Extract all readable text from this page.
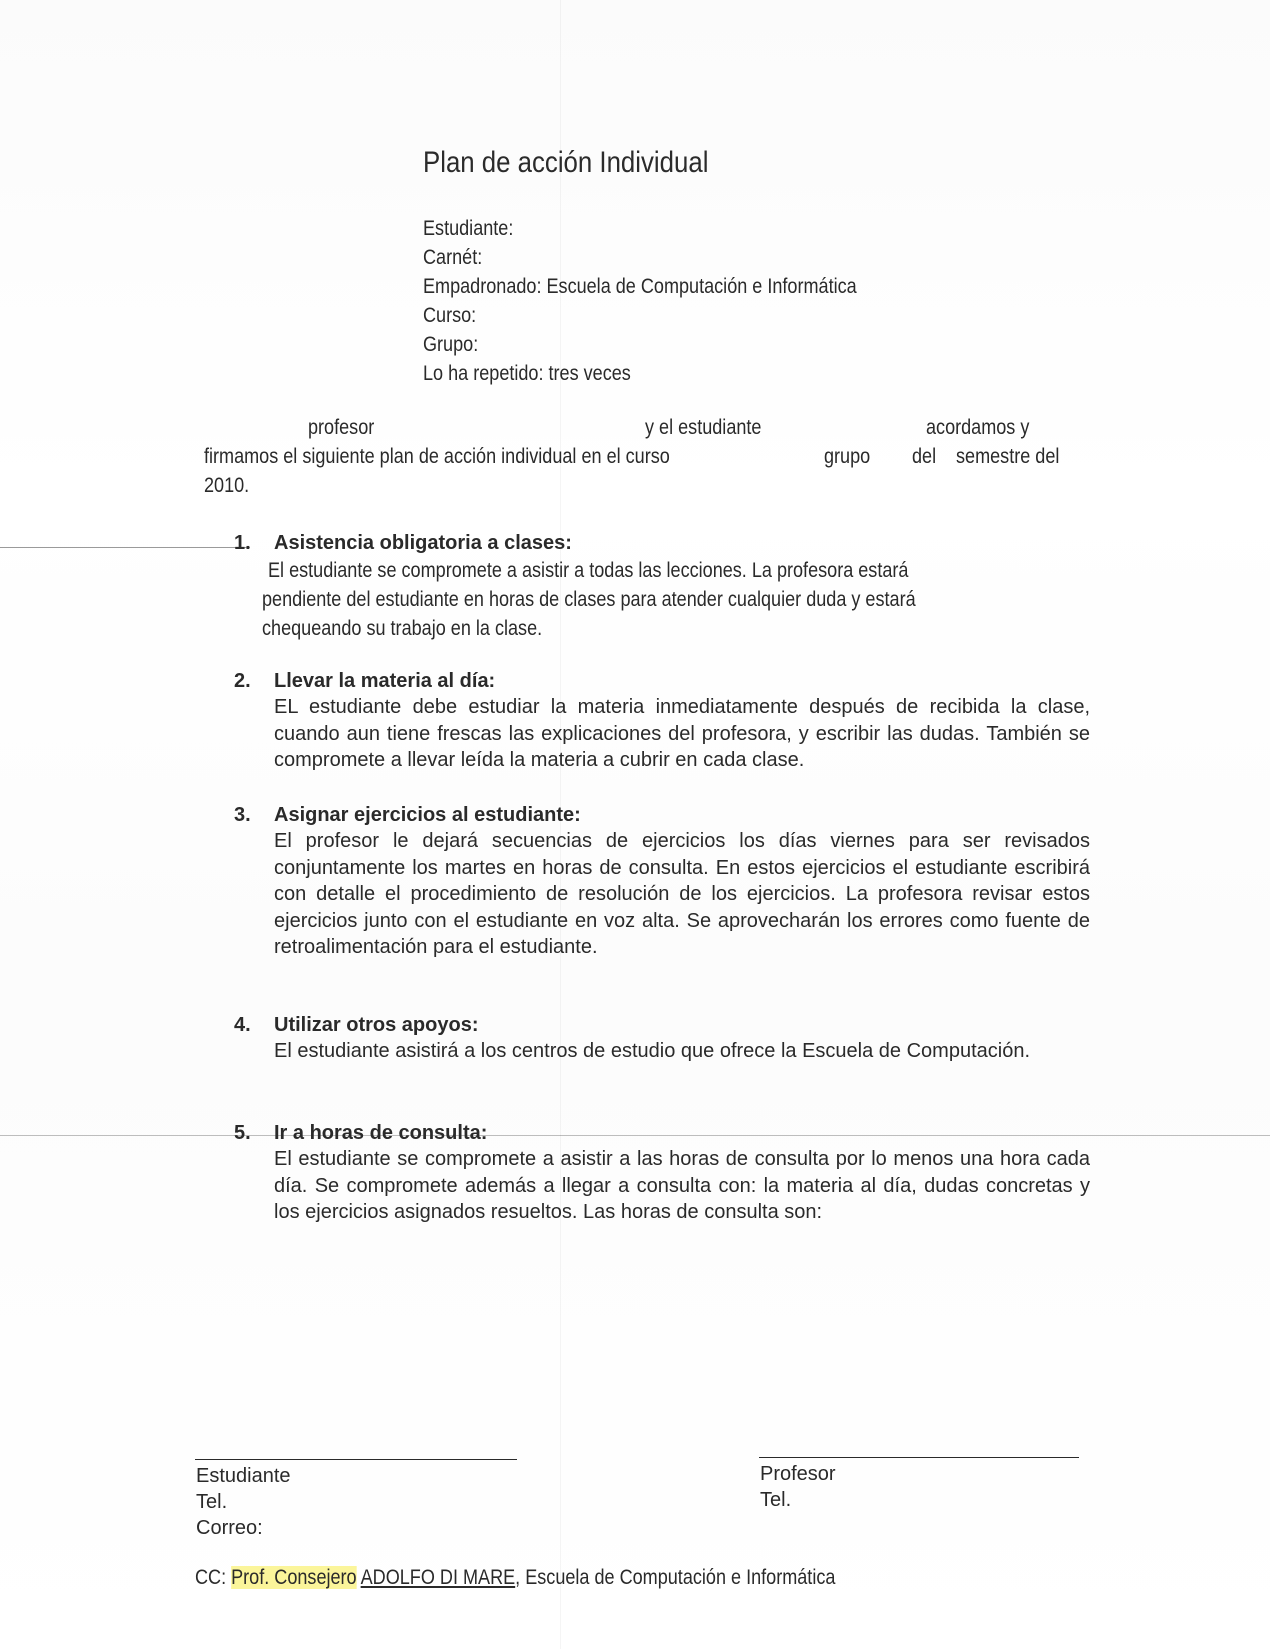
Plan de acción Individual
Estudiante:
Carnét:
Empadronado: Escuela de Computación e Informática
Curso:
Grupo:
Lo ha repetido: tres veces
profesor	y el estudiante	acordamos y
firmamos el siguiente plan de acción individual en el curso	grupo del semestre del
2010.
1. Asistencia obligatoria a clases:
El estudiante se compromete a asistir a todas las lecciones. La profesora estará
pendiente del estudiante en horas de clases para atender cualquier duda y estará
chequeando su trabajo en la clase.
2. Llevar la materia al día:
EL estudiante debe estudiar la materia inmediatamente después de recibida la clase, cuando aun tiene frescas las explicaciones del profesora, y escribir las dudas. También se compromete a llevar leída la materia a cubrir en cada clase.
3. Asignar ejercicios al estudiante:
El profesor le dejará secuencias de ejercicios los días viernes para ser revisados conjuntamente los martes en horas de consulta. En estos ejercicios el estudiante escribirá con detalle el procedimiento de resolución de los ejercicios. La profesora revisar estos ejercicios junto con el estudiante en voz alta. Se aprovecharán los errores como fuente de retroalimentación para el estudiante.
4. Utilizar otros apoyos:
El estudiante asistirá a los centros de estudio que ofrece la Escuela de Computación.
5. Ir a horas de consulta:
El estudiante se compromete a asistir a las horas de consulta por lo menos una hora cada día. Se compromete además a llegar a consulta con: la materia al día, dudas concretas y los ejercicios asignados resueltos. Las horas de consulta son:
Estudiante
Tel.
Correo:
Profesor
Tel.
CC: Prof. Consejero ADOLFO DI MARE, Escuela de Computación e Informática
